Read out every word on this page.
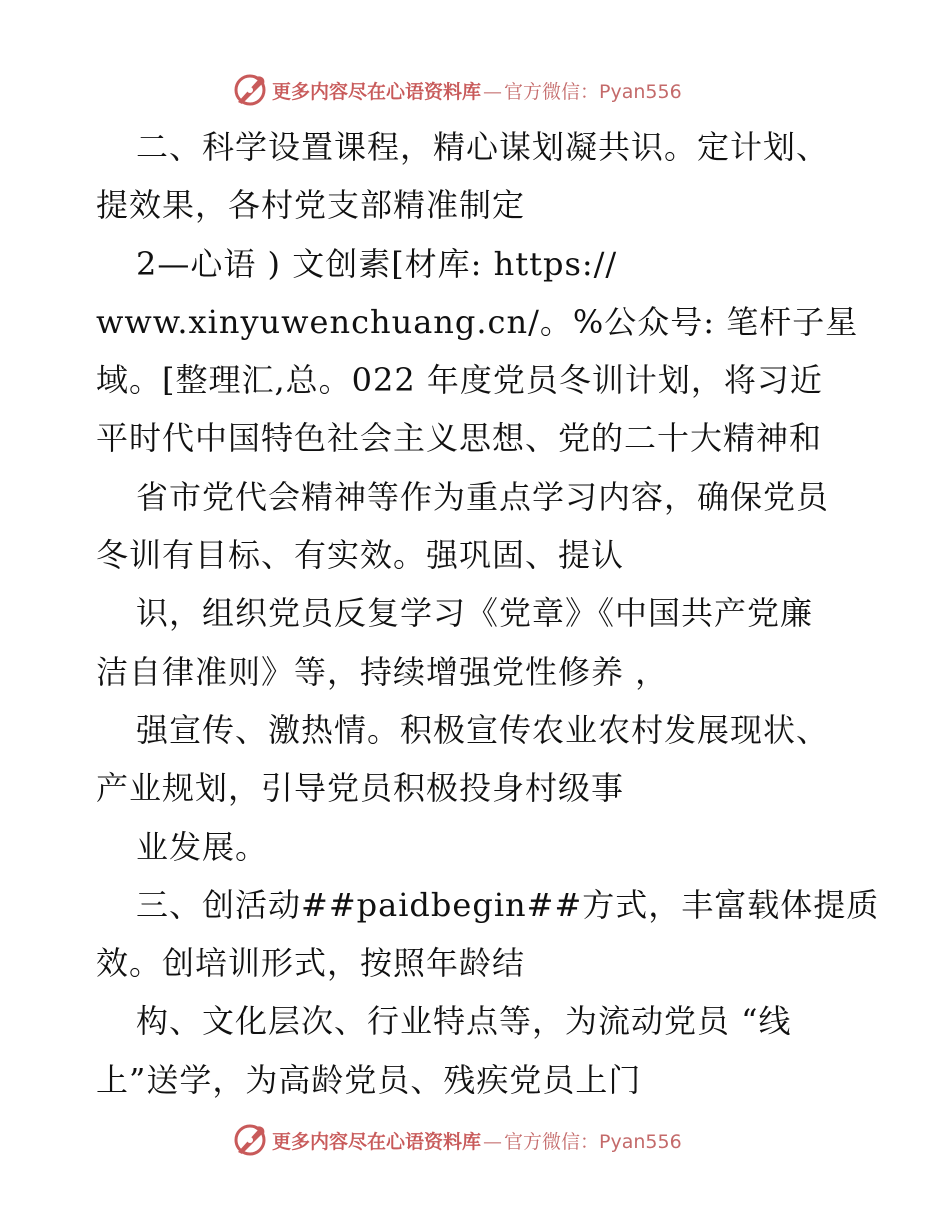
更多内容尽在心语资料库 — 官方微信：Pyan556
二、科学设置课程，精心谋划凝共识。定计划、
提效果，各村党支部精准制定
2—心语 ) 文创素[材库: https://
www.xinyuwenchuang.cn/。%公众号: 笔杆子星
域。[整理汇,总。022 年度党员冬训计划，将习近
平时代中国特色社会主义思想、党的二十大精神和
省市党代会精神等作为重点学习内容，确保党员
冬训有目标、有实效。强巩固、提认
识，组织党员反复学习《党章》《中国共产党廉
洁自律准则》等，持续增强党性修养 ，
强宣传、激热情。积极宣传农业农村发展现状、
产业规划，引导党员积极投身村级事
业发展。
三、创活动##paidbegin##方式，丰富载体提质
效。创培训形式，按照年龄结
构、文化层次、行业特点等，为流动党员 “线
上”送学，为高龄党员、残疾党员上门
更多内容尽在心语资料库 — 官方微信：Pyan556
